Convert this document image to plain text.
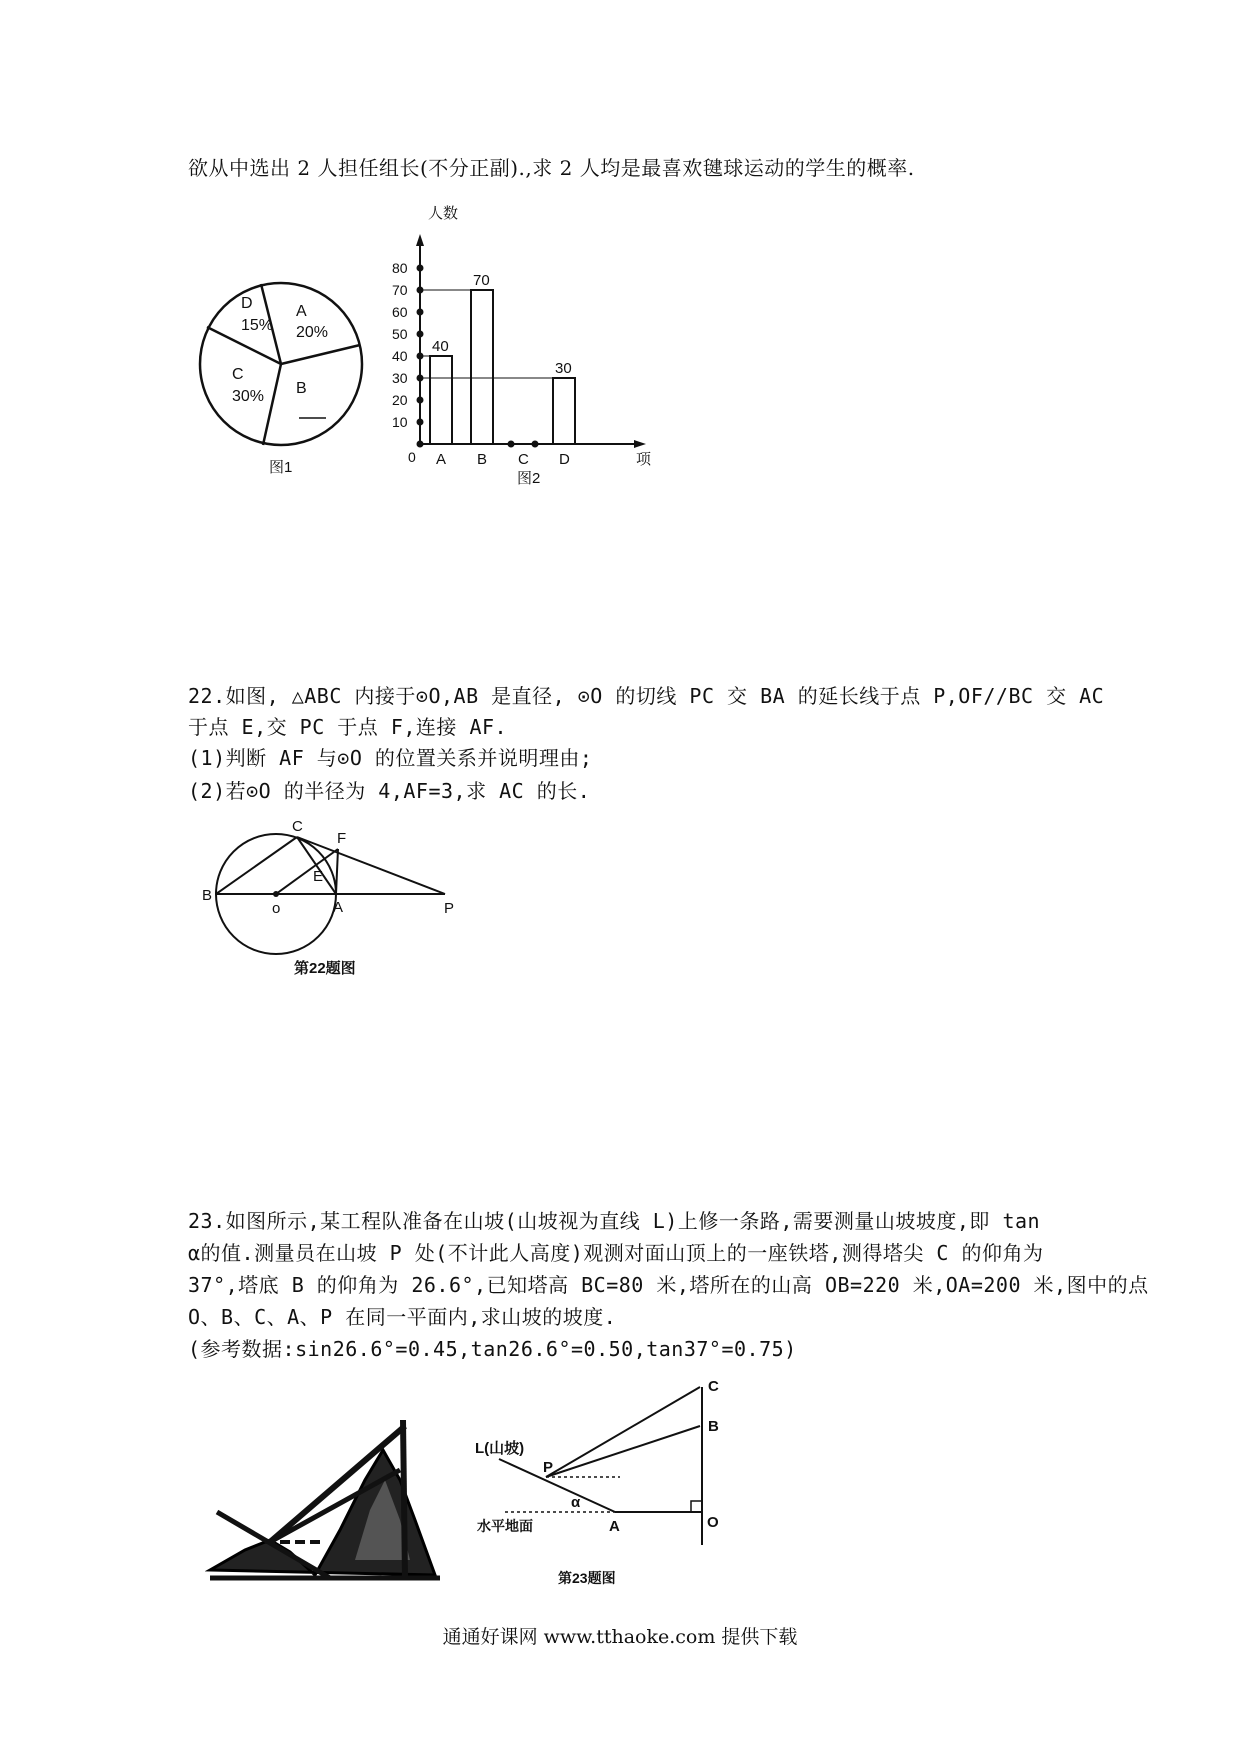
欲从中选出 2 人担任组长(不分正副).,求 2 人均是最喜欢毽球运动的学生的概率.
D
15%
A
20%
C
30% B
图1
0
10
20
30
40
50
60
70
80
40
A
70
B C
30
D
人数
项
图2
22.如图, △ABC 内接于⊙O,AB 是直径, ⊙O 的切线 PC 交 BA 的延长线于点 P,OF//BC 交 AC
于点 E,交 PC 于点 F,连接 AF.
(1)判断 AF 与⊙O 的位置关系并说明理由;
(2)若⊙O 的半径为 4,AF=3,求 AC 的长.
C
F
E
B
o	A	P
第22题图
23.如图所示,某工程队准备在山坡(山坡视为直线 L)上修一条路,需要测量山坡坡度,即 tan
α的值.测量员在山坡 P 处(不计此人高度)观测对面山顶上的一座铁塔,测得塔尖 C 的仰角为
37°,塔底 B 的仰角为 26.6°,已知塔高 BC=80 米,塔所在的山高 OB=220 米,OA=200 米,图中的点
O、B、C、A、P 在同一平面内,求山坡的坡度.
(参考数据:sin26.6°=0.45,tan26.6°=0.50,tan37°=0.75)
C
B
L(山坡)
P
α
水平地面	A	O
第23题图
通通好课网 www.tthaoke.com 提供下载
